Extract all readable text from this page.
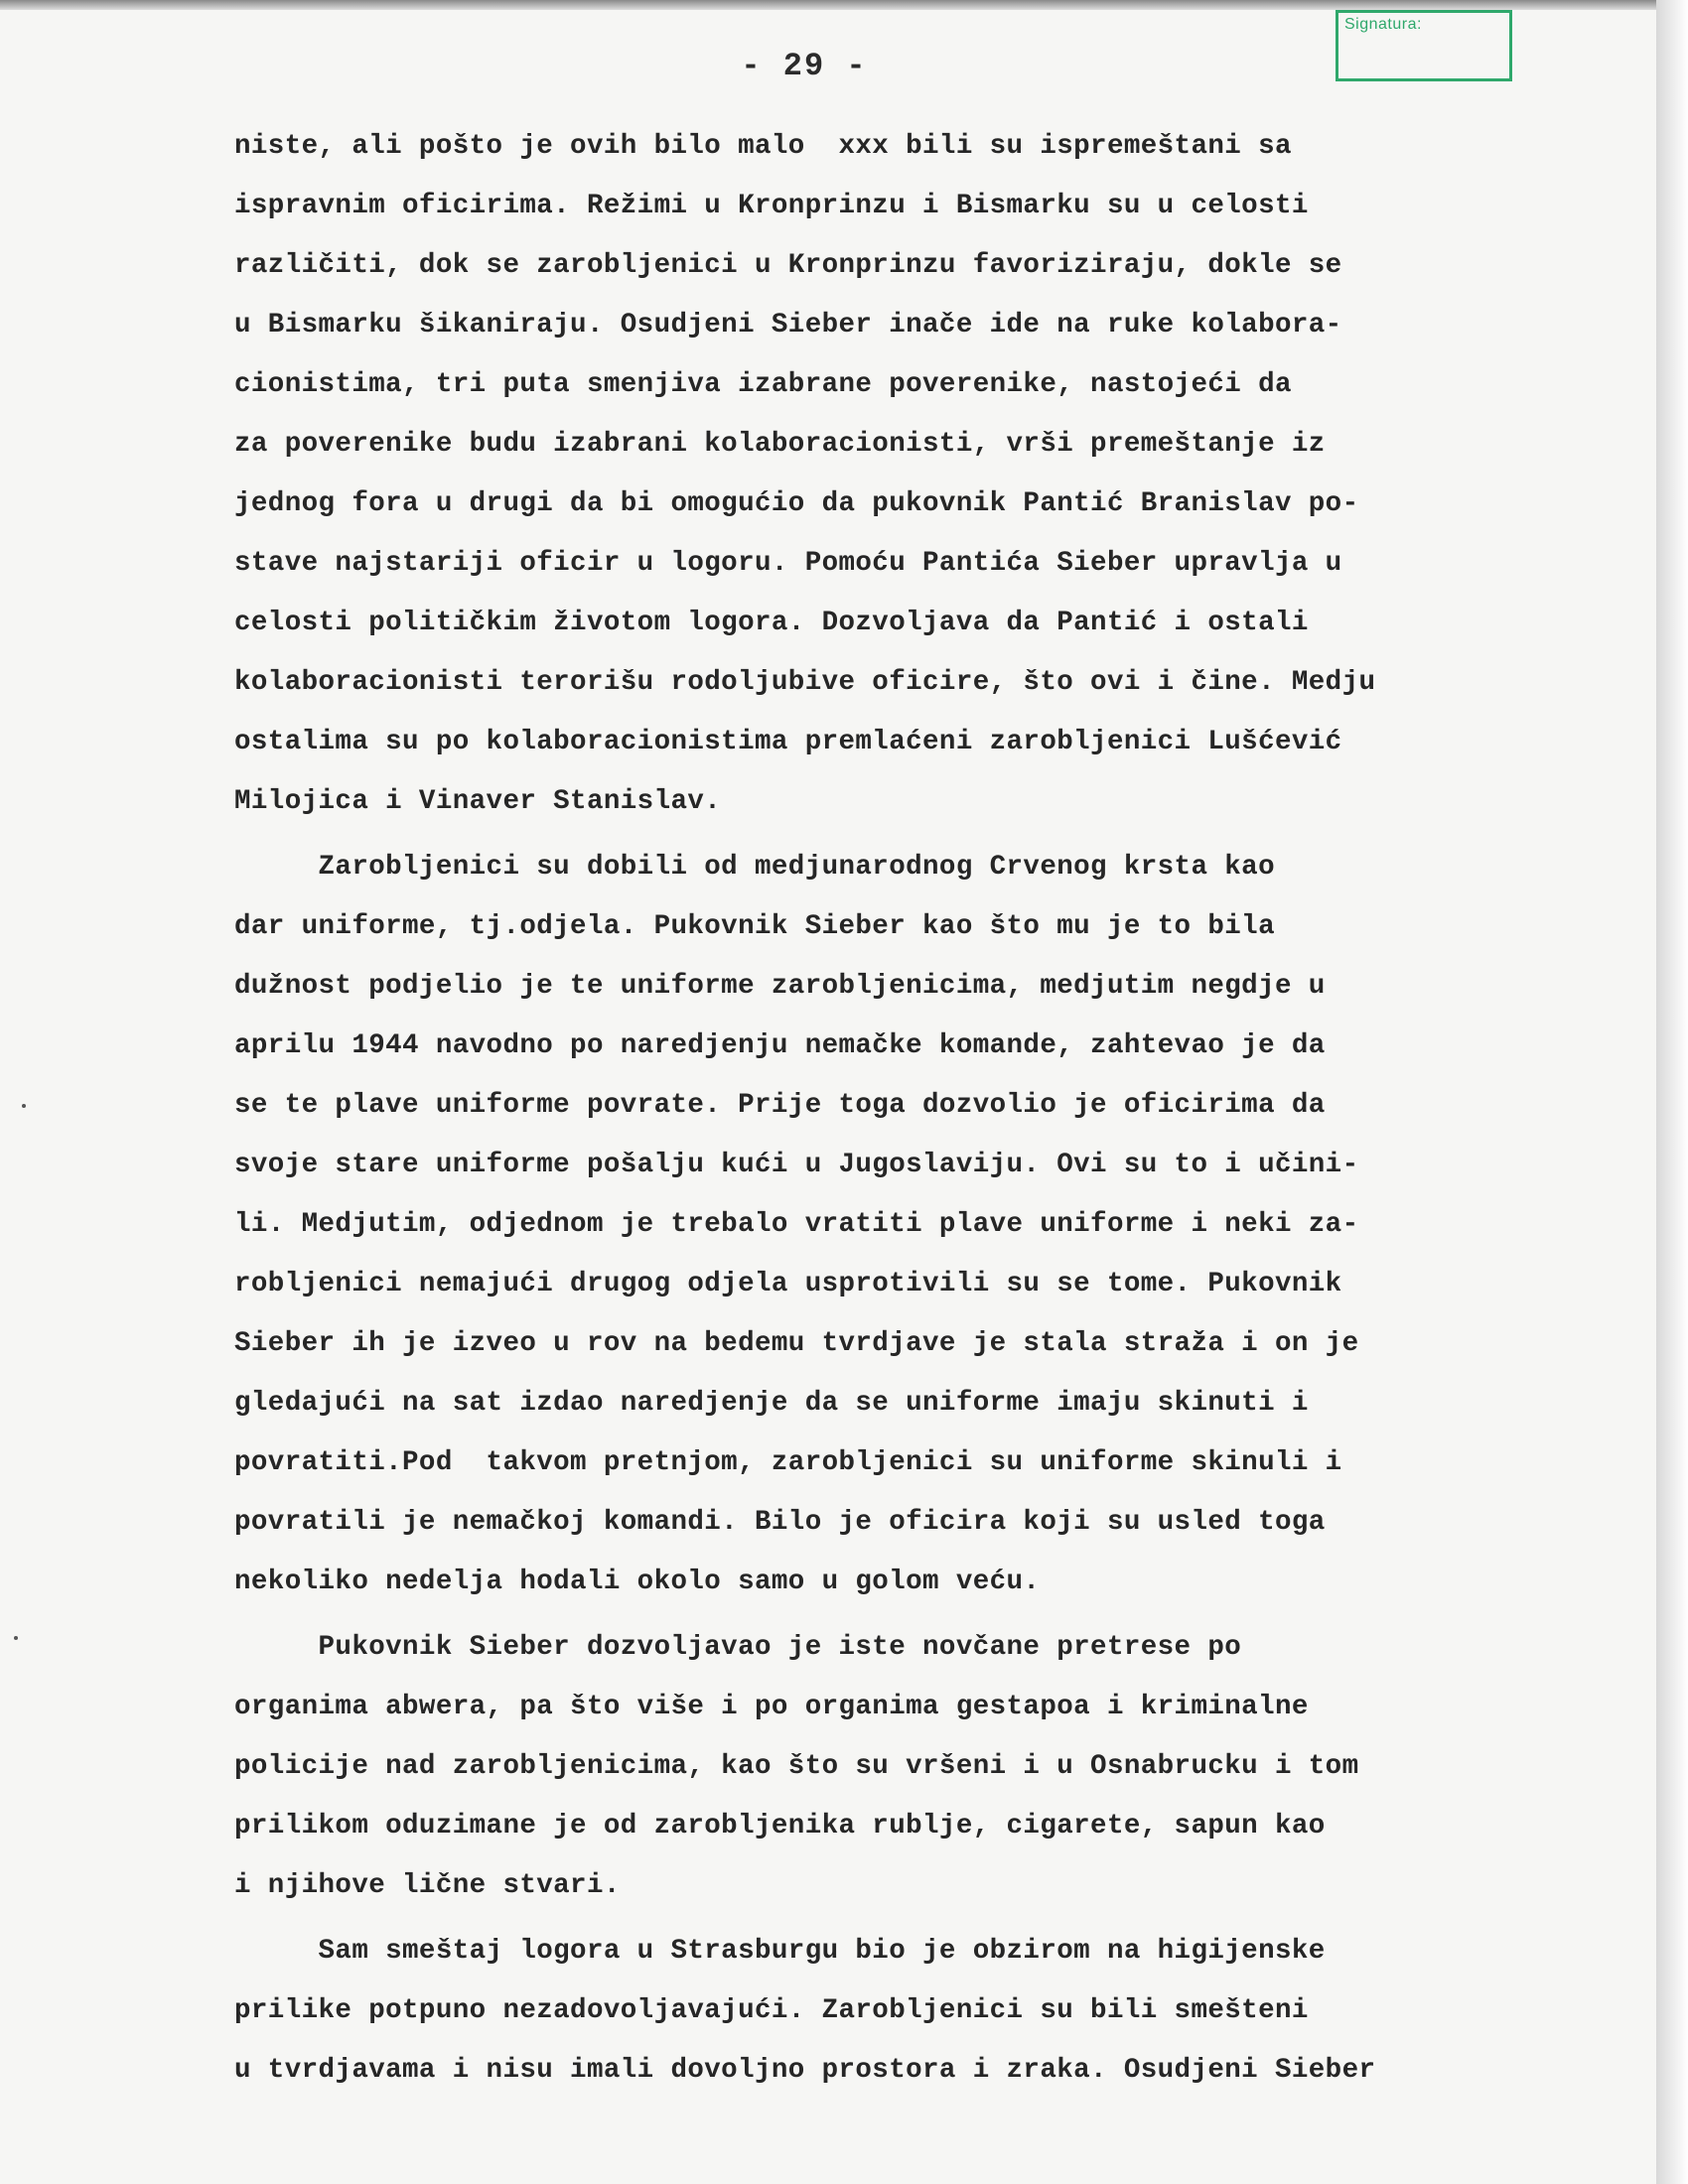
Signatura:
- 29 -
niste, ali pošto je ovih bilo malo  xxx bili su ispremeštani sa
ispravnim oficirima. Režimi u Kronprinzu i Bismarku su u celosti
različiti, dok se zarobljenici u Kronprinzu favoriziraju, dokle se
u Bismarku šikaniraju. Osudjeni Sieber inače ide na ruke kolabora-
cionistima, tri puta smenjiva izabrane poverenike, nastojeći da
za poverenike budu izabrani kolaboracionisti, vrši premeštanje iz
jednog fora u drugi da bi omogućio da pukovnik Pantić Branislav po-
stave najstariji oficir u logoru. Pomoću Pantića Sieber upravlja u
celosti političkim životom logora. Dozvoljava da Pantić i ostali
kolaboracionisti terorišu rodoljubive oficire, što ovi i čine. Medju
ostalima su po kolaboracionistima premlaćeni zarobljenici Lušćević
Milojica i Vinaver Stanislav.
Zarobljenici su dobili od medjunarodnog Crvenog krsta kao
dar uniforme, tj.odjela. Pukovnik Sieber kao što mu je to bila
dužnost podjelio je te uniforme zarobljenicima, medjutim negdje u
aprilu 1944 navodno po naredjenju nemačke komande, zahtevao je da
se te plave uniforme povrate. Prije toga dozvolio je oficirima da
svoje stare uniforme pošalju kući u Jugoslaviju. Ovi su to i učini-
li. Medjutim, odjednom je trebalo vratiti plave uniforme i neki za-
robljenici nemajući drugog odjela usprotivili su se tome. Pukovnik
Sieber ih je izveo u rov na bedemu tvrdjave je stala straža i on je
gledajući na sat izdao naredjenje da se uniforme imaju skinuti i
povratiti.Pod  takvom pretnjom, zarobljenici su uniforme skinuli i
povratili je nemačkoj komandi. Bilo je oficira koji su usled toga
nekoliko nedelja hodali okolo samo u golom veću.
Pukovnik Sieber dozvoljavao je iste novčane pretrese po
organima abwera, pa što više i po organima gestapoa i kriminalne
policije nad zarobljenicima, kao što su vršeni i u Osnabrucku i tom
prilikom oduzimane je od zarobljenika rublje, cigarete, sapun kao
i njihove lične stvari.
Sam smeštaj logora u Strasburgu bio je obzirom na higijenske
prilike potpuno nezadovoljavajući. Zarobljenici su bili smešteni
u tvrdjavama i nisu imali dovoljno prostora i zraka. Osudjeni Sieber
